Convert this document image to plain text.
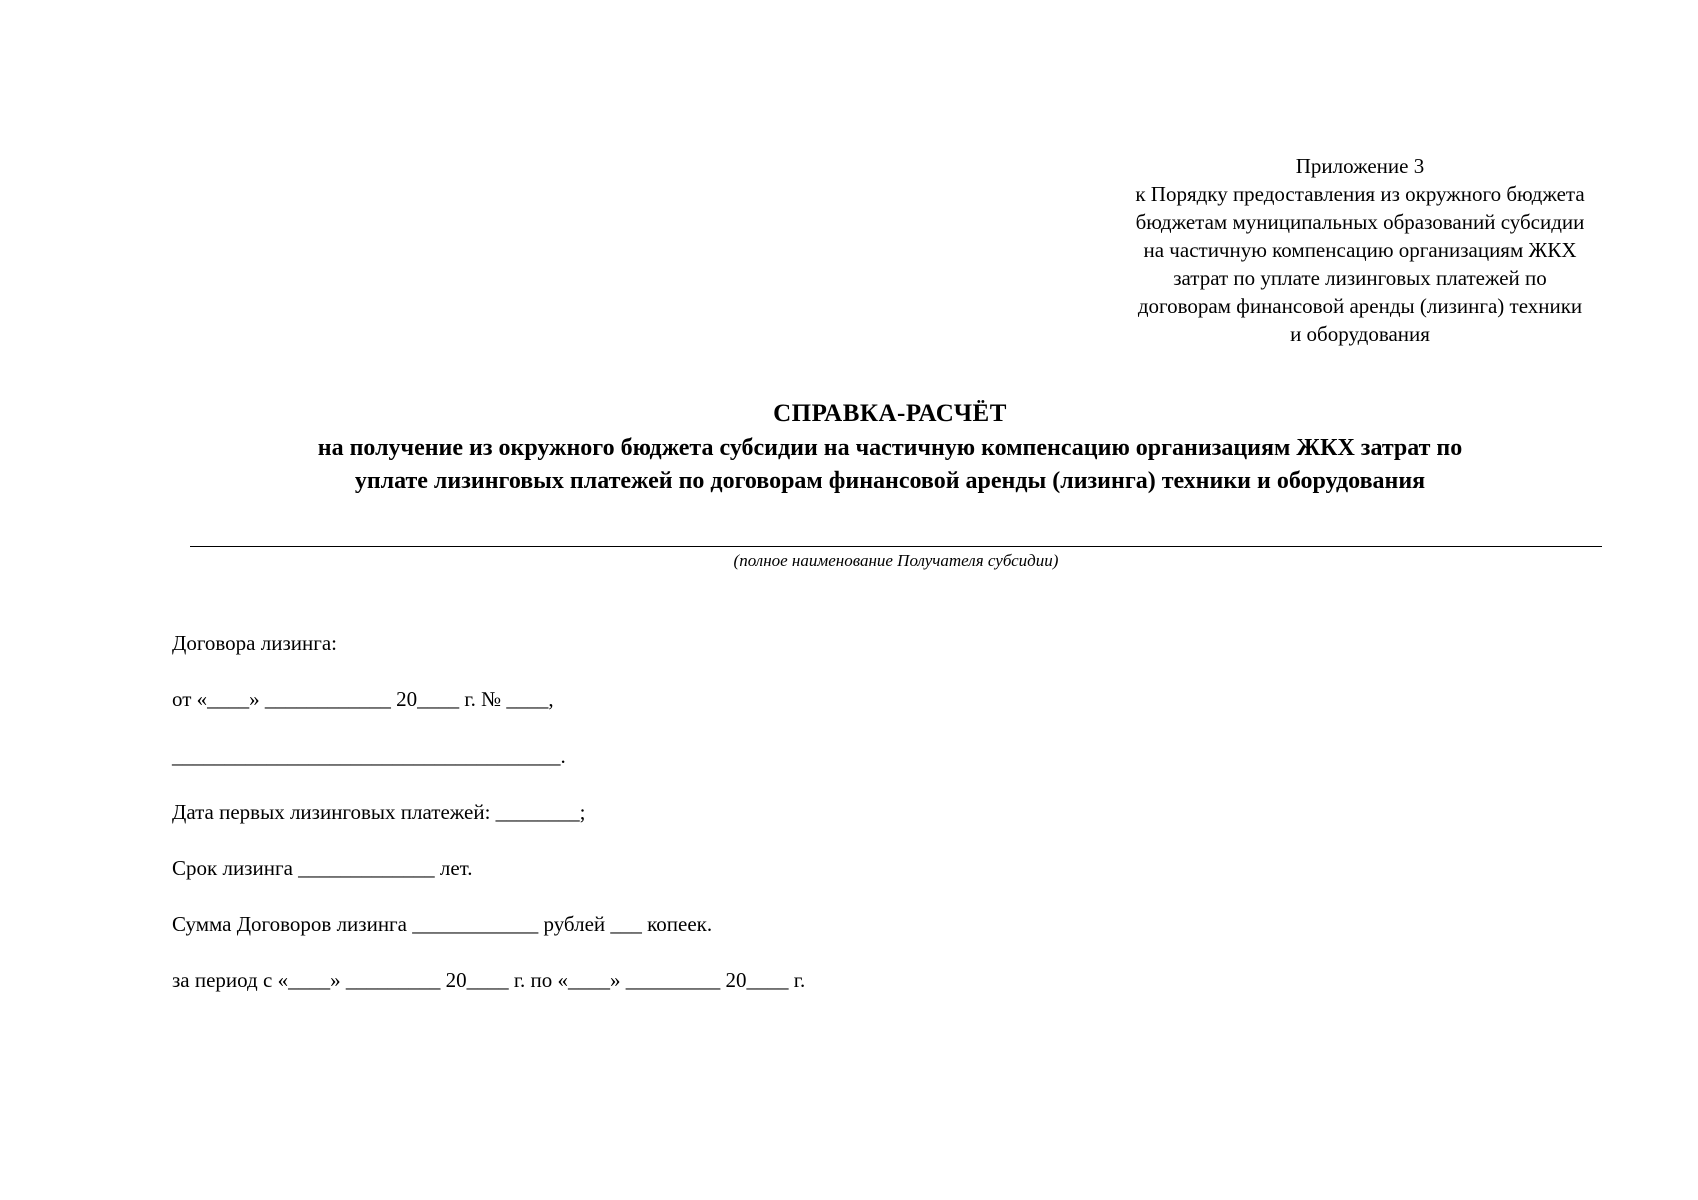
Приложение 3
к Порядку предоставления из окружного бюджета
бюджетам муниципальных образований субсидии
на частичную компенсацию организациям ЖКХ
затрат по уплате лизинговых платежей по
договорам финансовой аренды (лизинга) техники
и оборудования
СПРАВКА-РАСЧЁТ
на получение из окружного бюджета субсидии на частичную компенсацию организациям ЖКХ затрат по
уплате лизинговых платежей по договорам финансовой аренды (лизинга) техники и оборудования
(полное наименование Получателя субсидии)
Договора лизинга:
от «____» ____________ 20____ г. № ____,
_____________________________________.
Дата первых лизинговых платежей: ________;
Срок лизинга _____________ лет.
Сумма Договоров лизинга ____________ рублей ___ копеек.
за период с «____» _________ 20____ г. по «____» _________ 20____ г.
